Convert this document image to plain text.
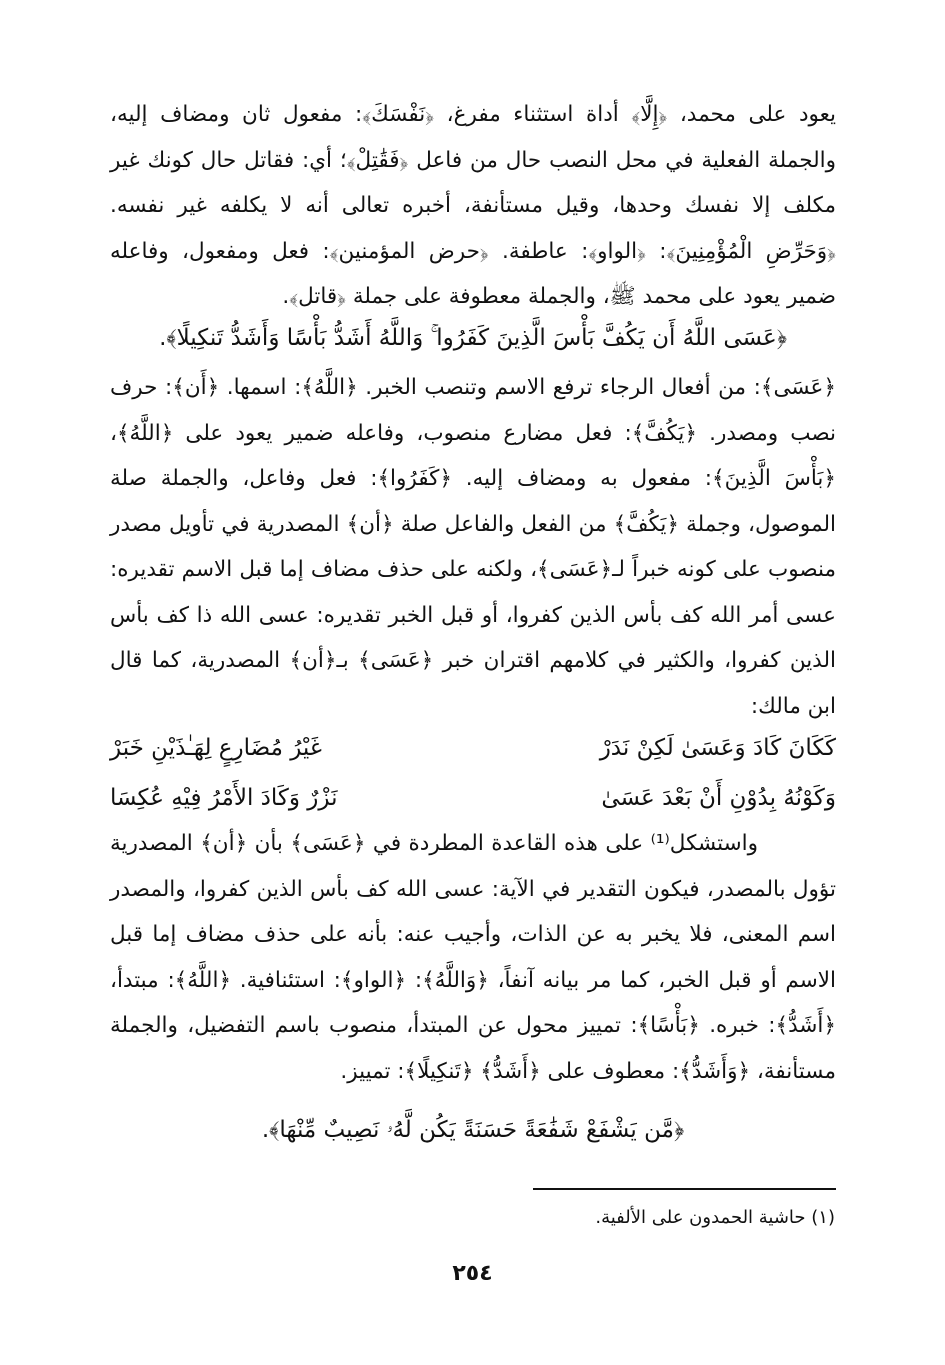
يعود على محمد، ﴿إِلَّا﴾ أداة استثناء مفرغ، ﴿نَفْسَكَ﴾: مفعول ثان ومضاف إليه، والجملة الفعلية في محل النصب حال من فاعل ﴿فَقَٰتِلْ﴾؛ أي: فقاتل حال كونك غير مكلف إلا نفسك وحدها، وقيل مستأنفة، أخبره تعالى أنه لا يكلفه غير نفسه. ﴿وَحَرِّضِ الْمُؤْمِنِينَ﴾: ﴿الواو﴾: عاطفة. ﴿حرض المؤمنين﴾: فعل ومفعول، وفاعله ضمير يعود على محمد ﷺ، والجملة معطوفة على جملة ﴿قاتل﴾.

﴿عَسَى اللَّهُ أَن يَكُفَّ بَأْسَ الَّذِينَ كَفَرُوا ۚ وَاللَّهُ أَشَدُّ بَأْسًا وَأَشَدُّ تَنكِيلًا﴾.

﴿عَسَى﴾: من أفعال الرجاء ترفع الاسم وتنصب الخبر. ﴿اللَّهُ﴾: اسمها. ﴿أَن﴾: حرف نصب ومصدر. ﴿يَكُفَّ﴾: فعل مضارع منصوب، وفاعله ضمير يعود على ﴿اللَّهُ﴾، ﴿بَأْسَ الَّذِينَ﴾: مفعول به ومضاف إليه. ﴿كَفَرُوا﴾: فعل وفاعل، والجملة صلة الموصول، وجملة ﴿يَكُفَّ﴾ من الفعل والفاعل صلة ﴿أن﴾ المصدرية في تأويل مصدر منصوب على كونه خبراً لـ﴿عَسَى﴾، ولكنه على حذف مضاف إما قبل الاسم تقديره: عسى أمر الله كف بأس الذين كفروا، أو قبل الخبر تقديره: عسى الله ذا كف بأس الذين كفروا، والكثير في كلامهم اقتران خبر ﴿عَسَى﴾ بـ﴿أن﴾ المصدرية، كما قال ابن مالك:

كَكَانَ كَادَ وَعَسَىٰ لَكِنْ نَدَرْ
غَيْرُ مُضَارِعٍ لِهَـٰذَيْنِ خَبَرْ
وَكَوْنُهُ بِدُوْنِ أَنْ بَعْدَ عَسَىٰ
نَزْرٌ وَكَادَ الأَمْرُ فِيْهِ عُكِسَا

واستشكل⁽¹⁾ على هذه القاعدة المطردة في ﴿عَسَى﴾ بأن ﴿أن﴾ المصدرية تؤول بالمصدر، فيكون التقدير في الآية: عسى الله كف بأس الذين كفروا، والمصدر اسم المعنى، فلا يخبر به عن الذات، وأجيب عنه: بأنه على حذف مضاف إما قبل الاسم أو قبل الخبر، كما مر بيانه آنفاً، ﴿وَاللَّهُ﴾: ﴿الواو﴾: استئنافية. ﴿اللَّهُ﴾: مبتدأ، ﴿أَشَدُّ﴾: خبره. ﴿بَأْسًا﴾: تمييز محول عن المبتدأ، منصوب باسم التفضيل، والجملة مستأنفة، ﴿وَأَشَدُّ﴾: معطوف على ﴿أَشَدُّ﴾ ﴿تَنكِيلًا﴾: تمييز.

﴿مَّن يَشْفَعْ شَفَٰعَةً حَسَنَةً يَكُن لَّهُۥ نَصِيبٌ مِّنْهَا﴾.

(١) حاشية الحمدون على الألفية.
٢٥٤
